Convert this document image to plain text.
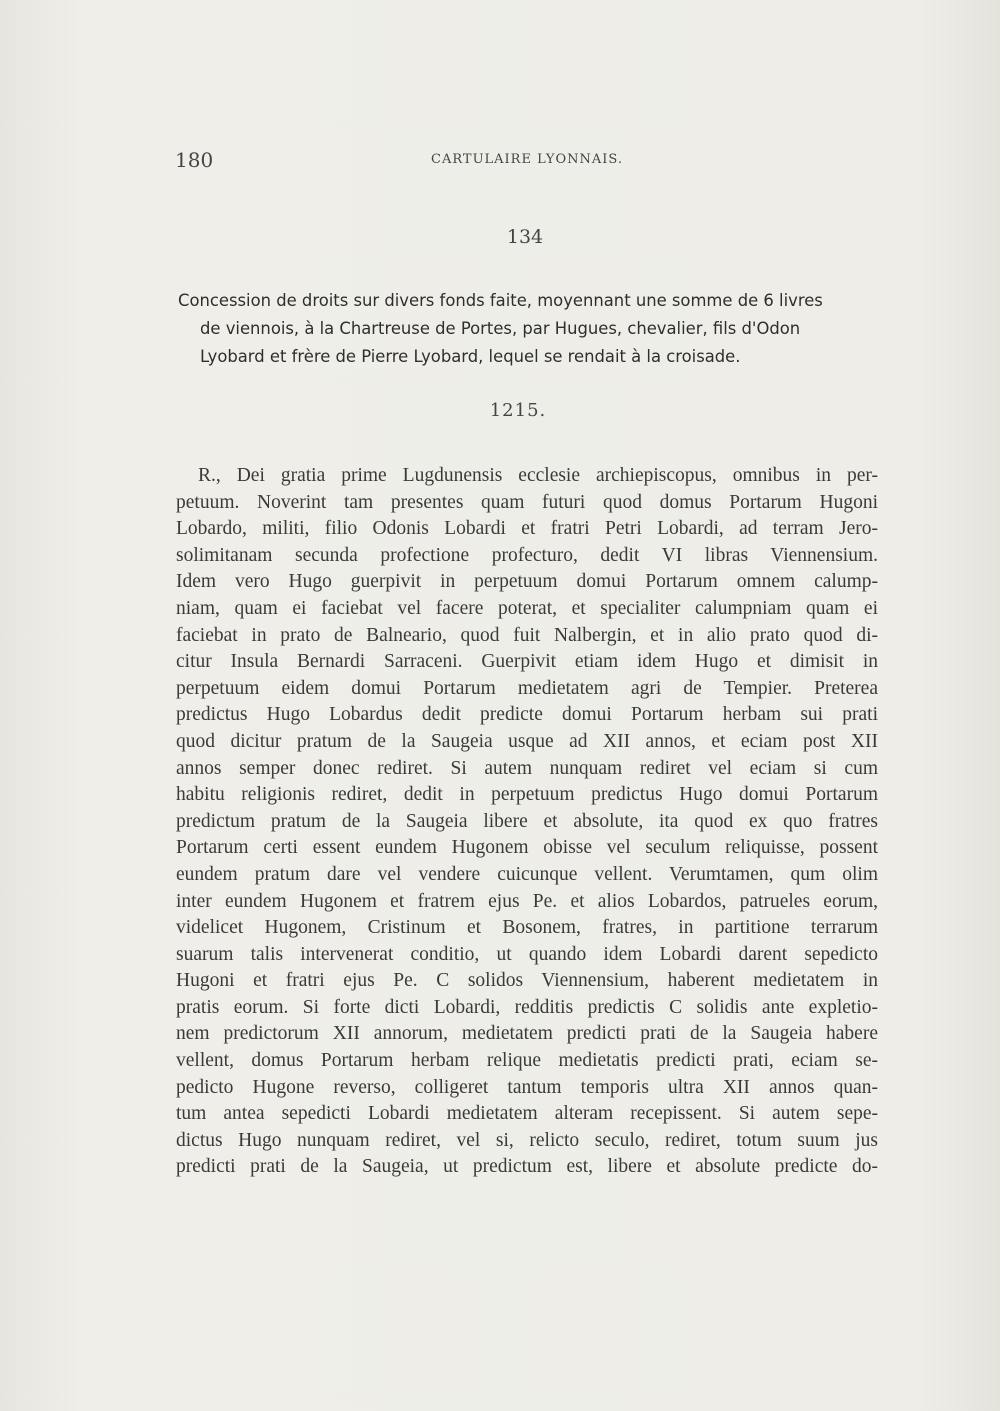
180	CARTULAIRE LYONNAIS.
134
Concession de droits sur divers fonds faite, moyennant une somme de 6 livres
de viennois, à la Chartreuse de Portes, par Hugues, chevalier, fils d'Odon
Lyobard et frère de Pierre Lyobard, lequel se rendait à la croisade.
1215.
R., Dei gratia prime Lugdunensis ecclesie archiepiscopus, omnibus in per-
petuum. Noverint tam presentes quam futuri quod domus Portarum Hugoni
Lobardo, militi, filio Odonis Lobardi et fratri Petri Lobardi, ad terram Jero-
solimitanam secunda profectione profecturo, dedit VI libras Viennensium.
Idem vero Hugo guerpivit in perpetuum domui Portarum omnem calump-
niam, quam ei faciebat vel facere poterat, et specialiter calumpniam quam ei
faciebat in prato de Balneario, quod fuit Nalbergin, et in alio prato quod di-
citur Insula Bernardi Sarraceni. Guerpivit etiam idem Hugo et dimisit in
perpetuum eidem domui Portarum medietatem agri de Tempier. Preterea
predictus Hugo Lobardus dedit predicte domui Portarum herbam sui prati
quod dicitur pratum de la Saugeia usque ad XII annos, et eciam post XII
annos semper donec rediret. Si autem nunquam rediret vel eciam si cum
habitu religionis rediret, dedit in perpetuum predictus Hugo domui Portarum
predictum pratum de la Saugeia libere et absolute, ita quod ex quo fratres
Portarum certi essent eundem Hugonem obisse vel seculum reliquisse, possent
eundem pratum dare vel vendere cuicunque vellent. Verumtamen, qum olim
inter eundem Hugonem et fratrem ejus Pe. et alios Lobardos, patrueles eorum,
videlicet Hugonem, Cristinum et Bosonem, fratres, in partitione terrarum
suarum talis intervenerat conditio, ut quando idem Lobardi darent sepedicto
Hugoni et fratri ejus Pe. C solidos Viennensium, haberent medietatem in
pratis eorum. Si forte dicti Lobardi, redditis predictis C solidis ante expletio-
nem predictorum XII annorum, medietatem predicti prati de la Saugeia habere
vellent, domus Portarum herbam relique medietatis predicti prati, eciam se-
pedicto Hugone reverso, colligeret tantum temporis ultra XII annos quan-
tum antea sepedicti Lobardi medietatem alteram recepissent. Si autem sepe-
dictus Hugo nunquam rediret, vel si, relicto seculo, rediret, totum suum jus
predicti prati de la Saugeia, ut predictum est, libere et absolute predicte do-
